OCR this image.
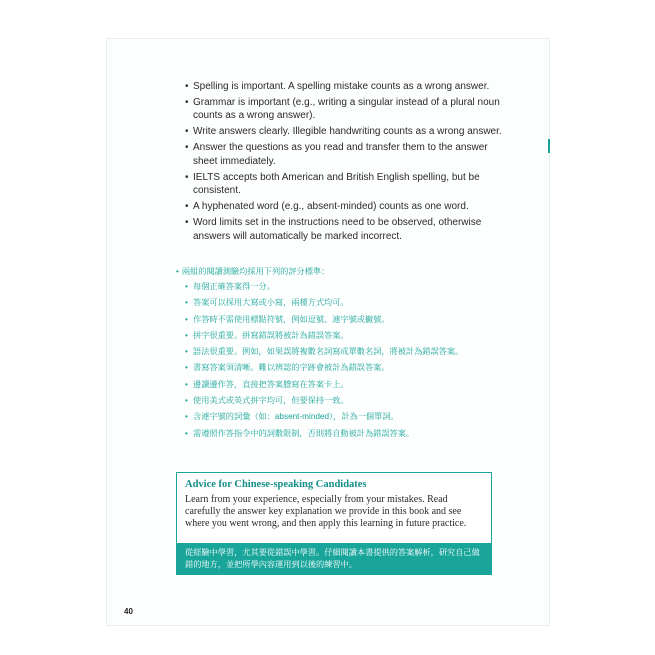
• Spelling is important. A spelling mistake counts as a wrong answer.
• Grammar is important (e.g., writing a singular instead of a plural noun counts as a wrong answer).
• Write answers clearly. Illegible handwriting counts as a wrong answer.
• Answer the questions as you read and transfer them to the answer sheet immediately.
• IELTS accepts both American and British English spelling, but be consistent.
• A hyphenated word (e.g., absent-minded) counts as one word.
• Word limits set in the instructions need to be observed, otherwise answers will automatically be marked incorrect.
• 兩組的閱讀測驗均採用下列的評分標準：
• 每個正確答案得一分。
• 答案可以採用大寫或小寫，兩種方式均可。
• 作答時不需使用標點符號，例如逗號、連字號或撇號。
• 拼字很重要。拼寫錯誤將被計為錯誤答案。
• 語法很重要。例如，如果誤將複數名詞寫成單數名詞，將被計為錯誤答案。
• 書寫答案須清晰。難以辨認的字跡會被計為錯誤答案。
• 邊讀邊作答，直接把答案謄寫在答案卡上。
• 使用美式或英式拼字均可，但要保持一致。
• 含連字號的詞彙（如：absent-minded），計為一個單詞。
• 需遵照作答指令中的詞數限制，否則將自動被計為錯誤答案。
Advice for Chinese-speaking Candidates
Learn from your experience, especially from your mistakes. Read carefully the answer key explanation we provide in this book and see where you went wrong, and then apply this learning in future practice.
從經驗中學習，尤其要從錯誤中學習。仔細閱讀本書提供的答案解析，研究自己做錯的地方，並把所學內容運用到以後的練習中。
40
